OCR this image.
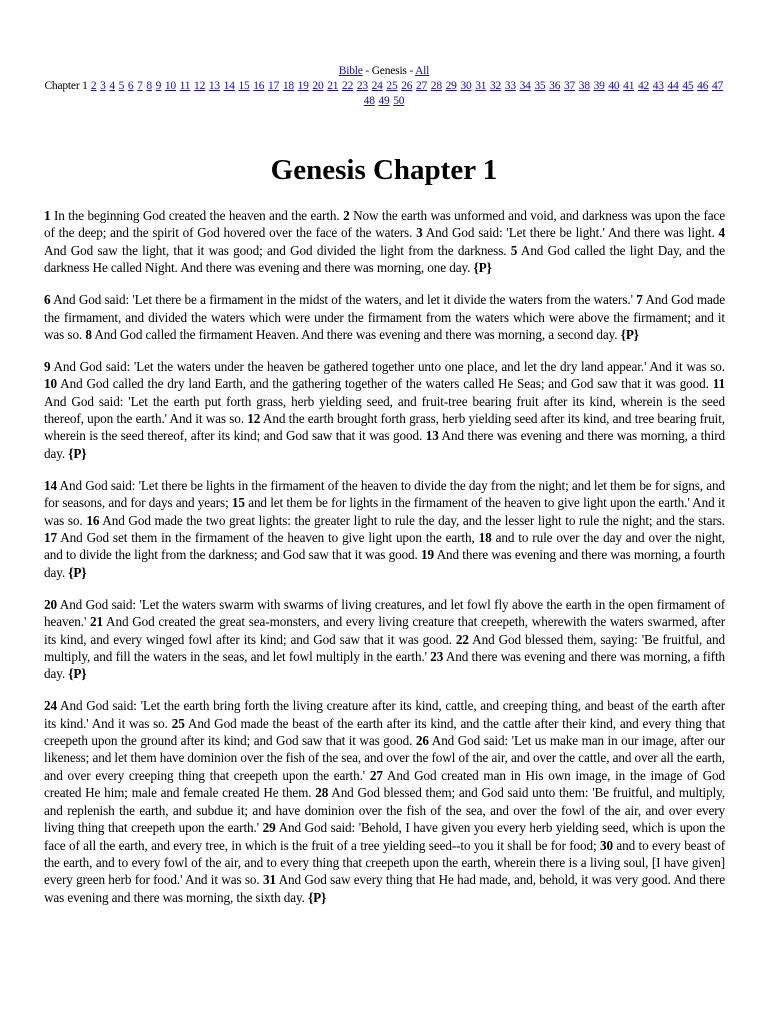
Bible - Genesis - All
Chapter 1 2 3 4 5 6 7 8 9 10 11 12 13 14 15 16 17 18 19 20 21 22 23 24 25 26 27 28 29 30 31 32 33 34 35 36 37 38 39 40 41 42 43 44 45 46 47 48 49 50
Genesis Chapter 1

1 In the beginning God created the heaven and the earth. 2 Now the earth was unformed and void, and darkness was upon the face of the deep; and the spirit of God hovered over the face of the waters. 3 And God said: 'Let there be light.' And there was light. 4 And God saw the light, that it was good; and God divided the light from the darkness. 5 And God called the light Day, and the darkness He called Night. And there was evening and there was morning, one day. {P}

6 And God said: 'Let there be a firmament in the midst of the waters, and let it divide the waters from the waters.' 7 And God made the firmament, and divided the waters which were under the firmament from the waters which were above the firmament; and it was so. 8 And God called the firmament Heaven. And there was evening and there was morning, a second day. {P}

9 And God said: 'Let the waters under the heaven be gathered together unto one place, and let the dry land appear.' And it was so. 10 And God called the dry land Earth, and the gathering together of the waters called He Seas; and God saw that it was good. 11 And God said: 'Let the earth put forth grass, herb yielding seed, and fruit-tree bearing fruit after its kind, wherein is the seed thereof, upon the earth.' And it was so. 12 And the earth brought forth grass, herb yielding seed after its kind, and tree bearing fruit, wherein is the seed thereof, after its kind; and God saw that it was good. 13 And there was evening and there was morning, a third day. {P}

14 And God said: 'Let there be lights in the firmament of the heaven to divide the day from the night; and let them be for signs, and for seasons, and for days and years; 15 and let them be for lights in the firmament of the heaven to give light upon the earth.' And it was so. 16 And God made the two great lights: the greater light to rule the day, and the lesser light to rule the night; and the stars. 17 And God set them in the firmament of the heaven to give light upon the earth, 18 and to rule over the day and over the night, and to divide the light from the darkness; and God saw that it was good. 19 And there was evening and there was morning, a fourth day. {P}

20 And God said: 'Let the waters swarm with swarms of living creatures, and let fowl fly above the earth in the open firmament of heaven.' 21 And God created the great sea-monsters, and every living creature that creepeth, wherewith the waters swarmed, after its kind, and every winged fowl after its kind; and God saw that it was good. 22 And God blessed them, saying: 'Be fruitful, and multiply, and fill the waters in the seas, and let fowl multiply in the earth.' 23 And there was evening and there was morning, a fifth day. {P}

24 And God said: 'Let the earth bring forth the living creature after its kind, cattle, and creeping thing, and beast of the earth after its kind.' And it was so. 25 And God made the beast of the earth after its kind, and the cattle after their kind, and every thing that creepeth upon the ground after its kind; and God saw that it was good. 26 And God said: 'Let us make man in our image, after our likeness; and let them have dominion over the fish of the sea, and over the fowl of the air, and over the cattle, and over all the earth, and over every creeping thing that creepeth upon the earth.' 27 And God created man in His own image, in the image of God created He him; male and female created He them. 28 And God blessed them; and God said unto them: 'Be fruitful, and multiply, and replenish the earth, and subdue it; and have dominion over the fish of the sea, and over the fowl of the air, and over every living thing that creepeth upon the earth.' 29 And God said: 'Behold, I have given you every herb yielding seed, which is upon the face of all the earth, and every tree, in which is the fruit of a tree yielding seed--to you it shall be for food; 30 and to every beast of the earth, and to every fowl of the air, and to every thing that creepeth upon the earth, wherein there is a living soul, [I have given] every green herb for food.' And it was so. 31 And God saw every thing that He had made, and, behold, it was very good. And there was evening and there was morning, the sixth day. {P}
